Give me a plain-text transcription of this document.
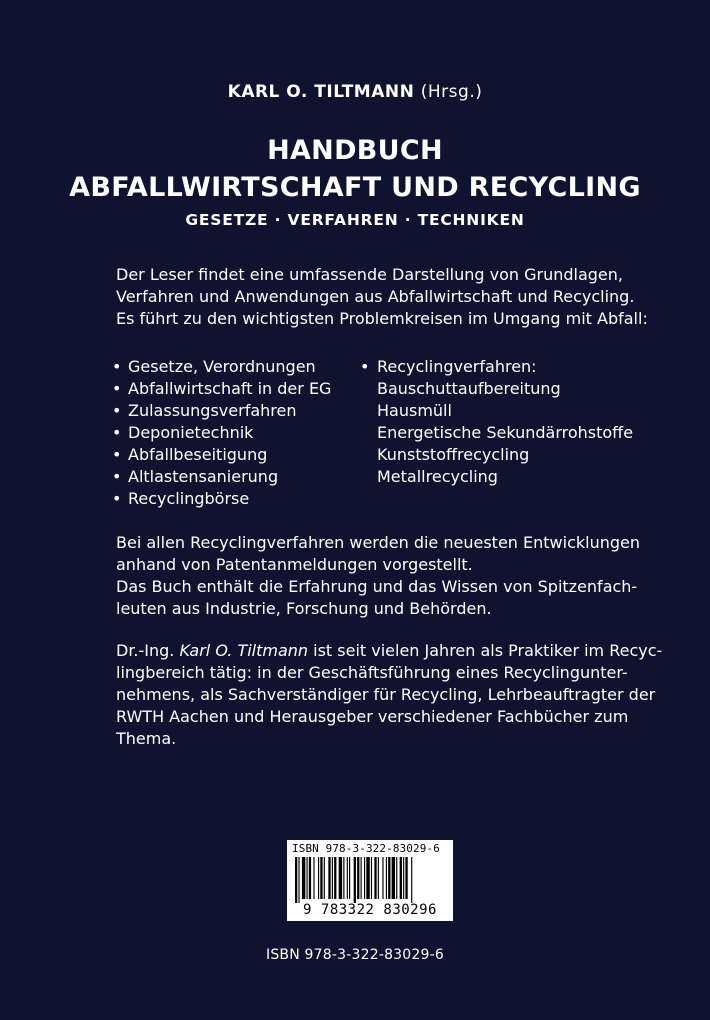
KARL O. TILTMANN (Hrsg.)
HANDBUCH
ABFALLWIRTSCHAFT UND RECYCLING
GESETZE · VERFAHREN · TECHNIKEN
Der Leser findet eine umfassende Darstellung von Grundlagen,
Verfahren und Anwendungen aus Abfallwirtschaft und Recycling.
Es führt zu den wichtigsten Problemkreisen im Umgang mit Abfall:
• Gesetze, Verordnungen
• Abfallwirtschaft in der EG
• Zulassungsverfahren
• Deponietechnik
• Abfallbeseitigung
• Altlastensanierung
• Recyclingbörse
• Recyclingverfahren:
Bauschuttaufbereitung
Hausmüll
Energetische Sekundärrohstoffe
Kunststoffrecycling
Metallrecycling
Bei allen Recyclingverfahren werden die neuesten Entwicklungen
anhand von Patentanmeldungen vorgestellt.
Das Buch enthält die Erfahrung und das Wissen von Spitzenfach-
leuten aus Industrie, Forschung und Behörden.
Dr.-Ing. Karl O. Tiltmann ist seit vielen Jahren als Praktiker im Recyc-
lingbereich tätig: in der Geschäftsführung eines Recyclingunter-
nehmens, als Sachverständiger für Recycling, Lehrbeauftragter der
RWTH Aachen und Herausgeber verschiedener Fachbücher zum
Thema.
ISBN 978-3-322-83029-6
9 783322 830296
ISBN 978-3-322-83029-6
